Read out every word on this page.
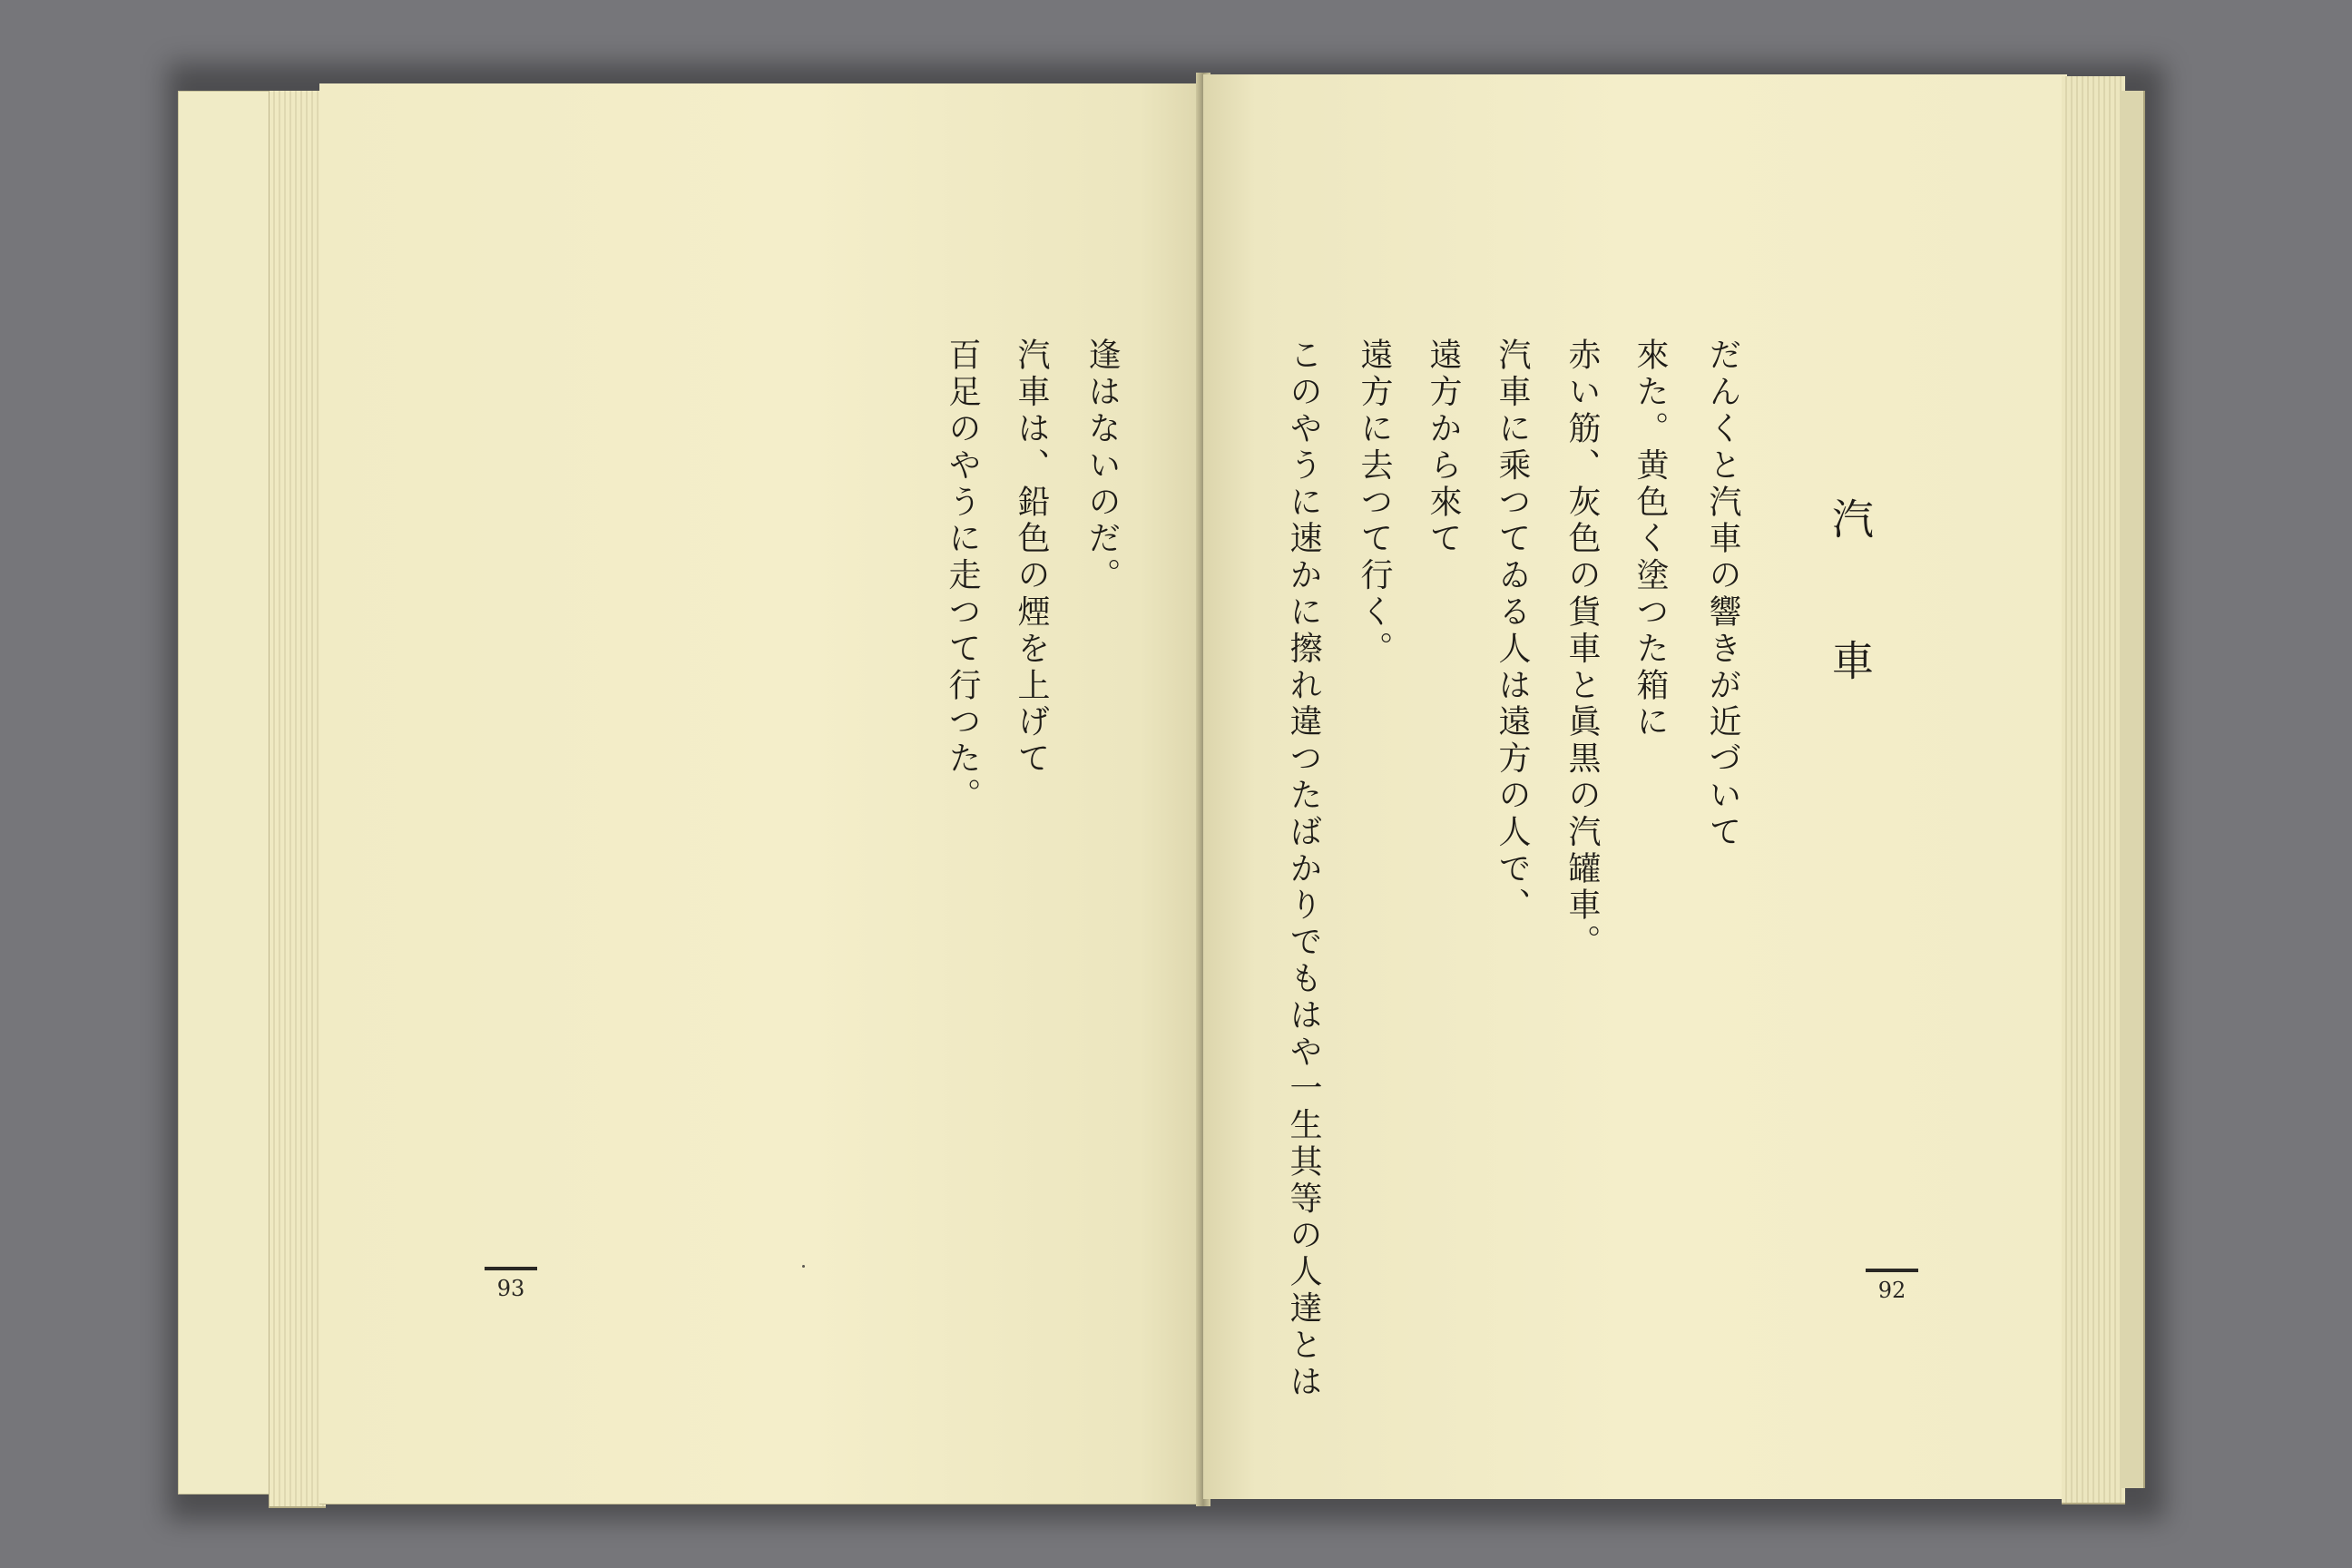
汽車
だんくと汽車の響きが近づいて
來た。黄色く塗つた箱に
赤い筋、灰色の貨車と眞黒の汽罐車。
汽車に乘つてゐる人は遠方の人で、
遠方から來て
遠方に去つて行く。
このやうに速かに擦れ違つたばかりでもはや一生其等の人達とは	92
逢はないのだ。
汽車は、鉛色の煙を上げて
百足のやうに走つて行つた。
93
